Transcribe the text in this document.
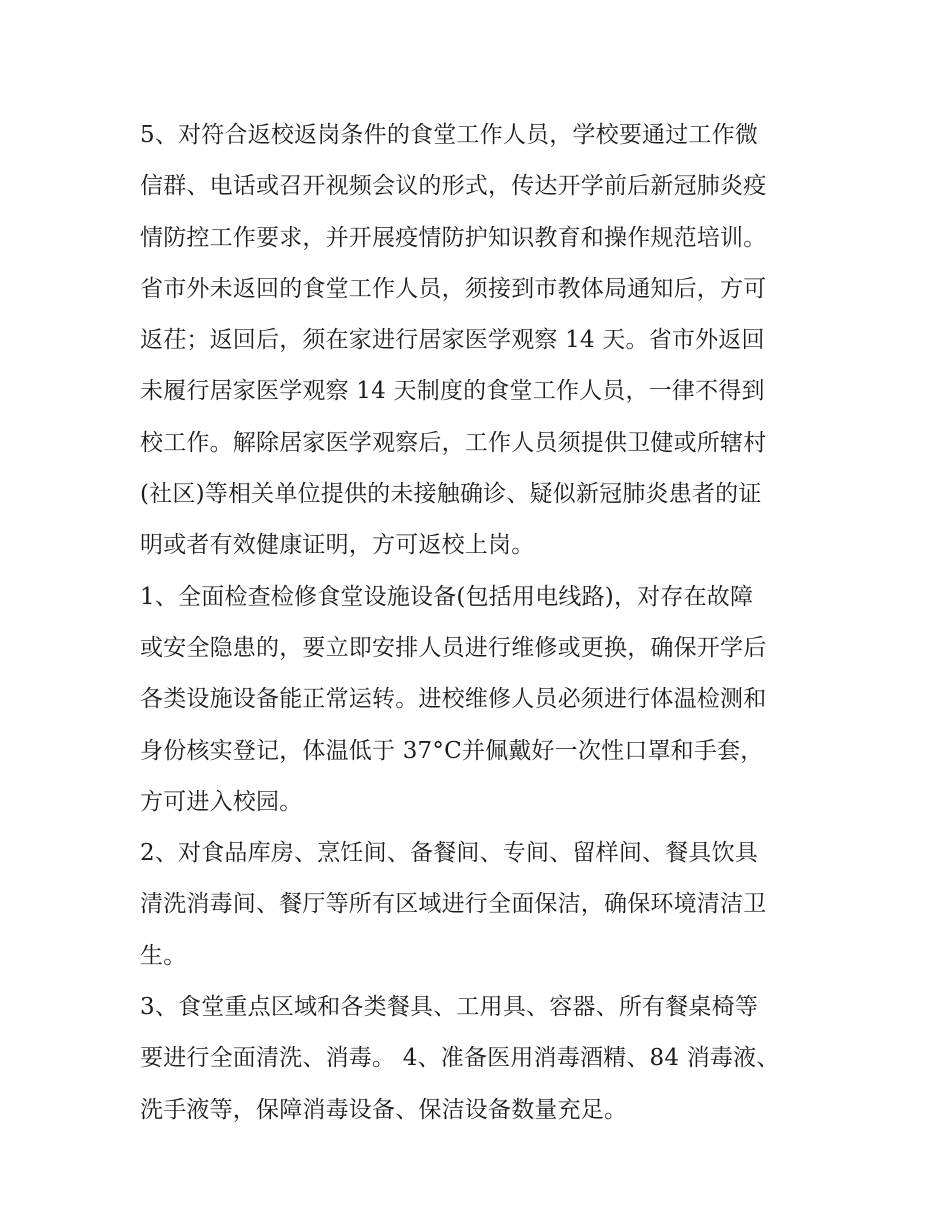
5、对符合返校返岗条件的食堂工作人员，学校要通过工作微
信群、电话或召开视频会议的形式，传达开学前后新冠肺炎疫
情防控工作要求，并开展疫情防护知识教育和操作规范培训。
省市外未返回的食堂工作人员，须接到市教体局通知后，方可
返茌；返回后，须在家进行居家医学观察 14 天。省市外返回
未履行居家医学观察 14 天制度的食堂工作人员，一律不得到
校工作。解除居家医学观察后，工作人员须提供卫健或所辖村
(社区)等相关单位提供的未接触确诊、疑似新冠肺炎患者的证
明或者有效健康证明，方可返校上岗。
1、全面检查检修食堂设施设备(包括用电线路)，对存在故障
或安全隐患的，要立即安排人员进行维修或更换，确保开学后
各类设施设备能正常运转。进校维修人员必须进行体温检测和
身份核实登记，体温低于 37°C并佩戴好一次性口罩和手套，
方可进入校园。
2、对食品库房、烹饪间、备餐间、专间、留样间、餐具饮具
清洗消毒间、餐厅等所有区域进行全面保洁，确保环境清洁卫
生。
3、食堂重点区域和各类餐具、工用具、容器、所有餐桌椅等
要进行全面清洗、消毒。 4、准备医用消毒酒精、84 消毒液、
洗手液等，保障消毒设备、保洁设备数量充足。
